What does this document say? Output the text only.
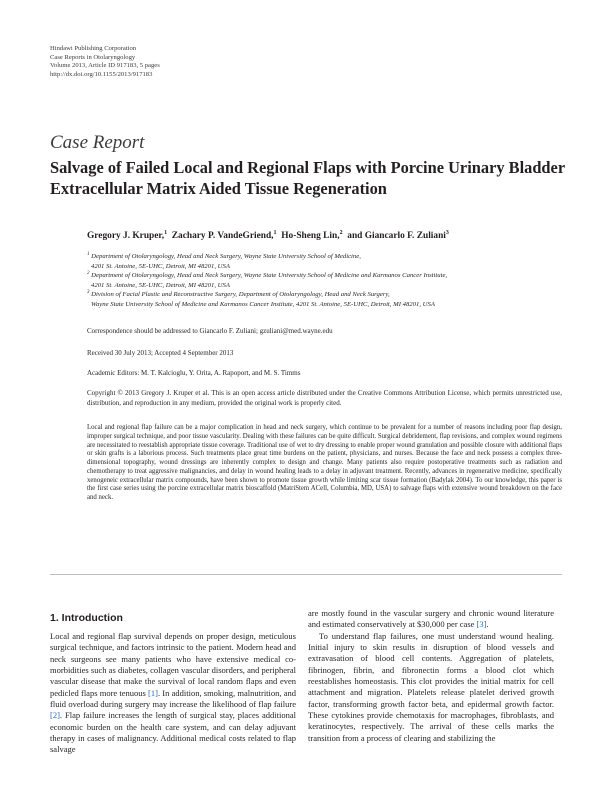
Hindawi Publishing Corporation
Case Reports in Otolaryngology
Volume 2013, Article ID 917183, 5 pages
http://dx.doi.org/10.1155/2013/917183
Case Report
Salvage of Failed Local and Regional Flaps with Porcine Urinary Bladder Extracellular Matrix Aided Tissue Regeneration
Gregory J. Kruper,$^1$ Zachary P. VandeGriend,$^1$ Ho-Sheng Lin,$^2$ and Giancarlo F. Zuliani$^3$
$^1$ Department of Otolaryngology, Head and Neck Surgery, Wayne State University School of Medicine,
4201 St. Antoine, 5E-UHC, Detroit, MI 48201, USA
$^2$ Department of Otolaryngology, Head and Neck Surgery, Wayne State University School of Medicine and Karmanos Cancer Institute,
4201 St. Antoine, 5E-UHC, Detroit, MI 48201, USA
$^3$ Division of Facial Plastic and Reconstructive Surgery, Department of Otolaryngology, Head and Neck Surgery,
Wayne State University School of Medicine and Karmanos Cancer Institute, 4201 St. Antoine, 5E-UHC, Detroit, MI 48201, USA
Correspondence should be addressed to Giancarlo F. Zuliani; gzuliani@med.wayne.edu
Received 30 July 2013; Accepted 4 September 2013
Academic Editors: M. T. Kalcioglu, Y. Orita, A. Rapoport, and M. S. Timms
Copyright © 2013 Gregory J. Kruper et al. This is an open access article distributed under the Creative Commons Attribution License, which permits unrestricted use, distribution, and reproduction in any medium, provided the original work is properly cited.
Local and regional flap failure can be a major complication in head and neck surgery, which continue to be prevalent for a number of reasons including poor flap design, improper surgical technique, and poor tissue vascularity. Dealing with these failures can be quite difficult. Surgical debridement, flap revisions, and complex wound regimens are necessitated to reestablish appropriate tissue coverage. Traditional use of wet to dry dressing to enable proper wound granulation and possible closure with additional flaps or skin grafts is a laborious process. Such treatments place great time burdens on the patient, physicians, and nurses. Because the face and neck possess a complex three-dimensional topography, wound dressings are inherently complex to design and change. Many patients also require postoperative treatments such as radiation and chemotherapy to treat aggressive malignancies, and delay in wound healing leads to a delay in adjuvant treatment. Recently, advances in regenerative medicine, specifically xenogeneic extracellular matrix compounds, have been shown to promote tissue growth while limiting scar tissue formation (Badylak 2004). To our knowledge, this paper is the first case series using the porcine extracellular matrix bioscaffold (MatriStem ACell, Columbia, MD, USA) to salvage flaps with extensive wound breakdown on the face and neck.
1. Introduction

Local and regional flap survival depends on proper design, meticulous surgical technique, and factors intrinsic to the patient. Modern head and neck surgeons see many patients who have extensive medical co-morbidities such as diabetes, collagen vascular disorders, and peripheral vascular disease that make the survival of local random flaps and even pedicled flaps more tenuous [1]. In addition, smoking, malnutrition, and fluid overload during surgery may increase the likelihood of flap failure [2]. Flap failure increases the length of surgical stay, places additional economic burden on the health care system, and can delay adjuvant therapy in cases of malignancy. Additional medical costs related to flap salvage

are mostly found in the vascular surgery and chronic wound literature and estimated conservatively at $30,000 per case [3].

To understand flap failures, one must understand wound healing. Initial injury to skin results in disruption of blood vessels and extravasation of blood cell contents. Aggregation of platelets, fibrinogen, fibrin, and fibronectin forms a blood clot which reestablishes homeostasis. This clot provides the initial matrix for cell attachment and migration. Platelets release platelet derived growth factor, transforming growth factor beta, and epidermal growth factor. These cytokines provide chemotaxis for macrophages, fibroblasts, and keratinocytes, respectively. The arrival of these cells marks the transition from a process of clearing and stabilizing the
